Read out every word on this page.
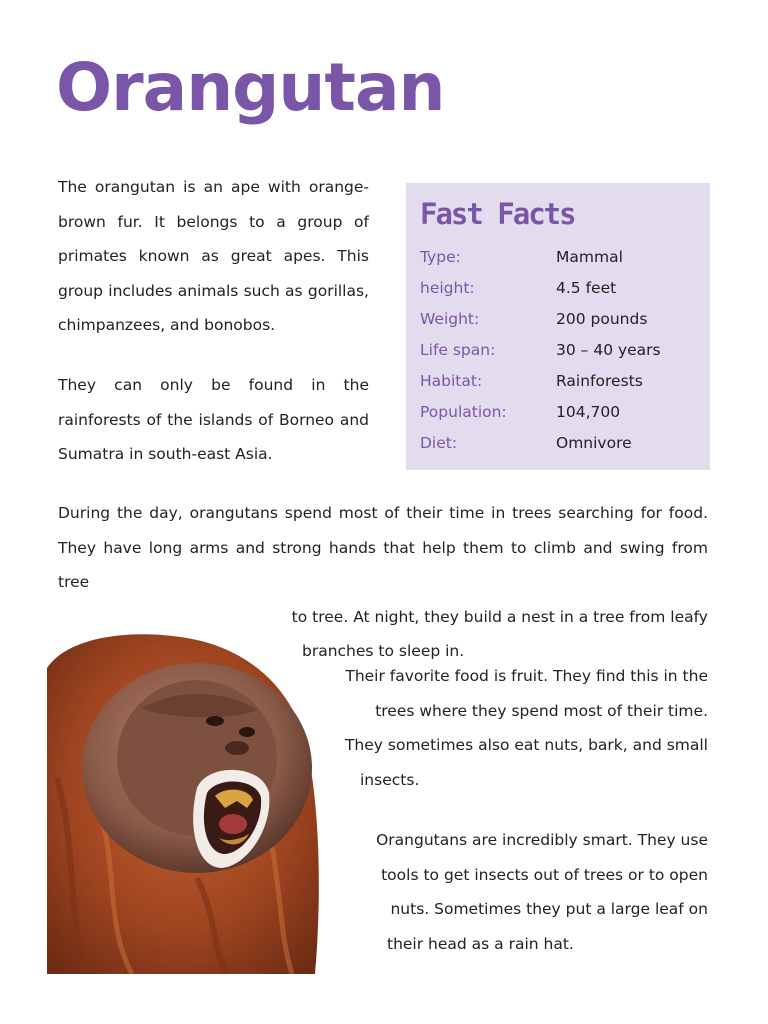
Orangutan

The orangutan is an ape with orange-brown fur. It belongs to a group of primates known as great apes. This group includes animals such as gorillas, chimpanzees, and bonobos.

They can only be found in the rainforests of the islands of Borneo and Sumatra in south-east Asia.

Fast Facts
Type:	Mammal
height:	4.5 feet
Weight:	200 pounds
Life span:	30 – 40 years
Habitat:	Rainforests
Population:	104,700
Diet:	Omnivore

During the day, orangutans spend most of their time in trees searching for food.
They have long arms and strong hands that help them to climb and swing from tree
to tree. At night, they build a nest in a tree from leafy
branches to sleep in.

Their favorite food is fruit. They find this in the
trees where they spend most of their time.
They sometimes also eat nuts, bark, and small
insects.
Orangutans are incredibly smart. They use
tools to get insects out of trees or to open
nuts. Sometimes they put a large leaf on
their head as a rain hat.
